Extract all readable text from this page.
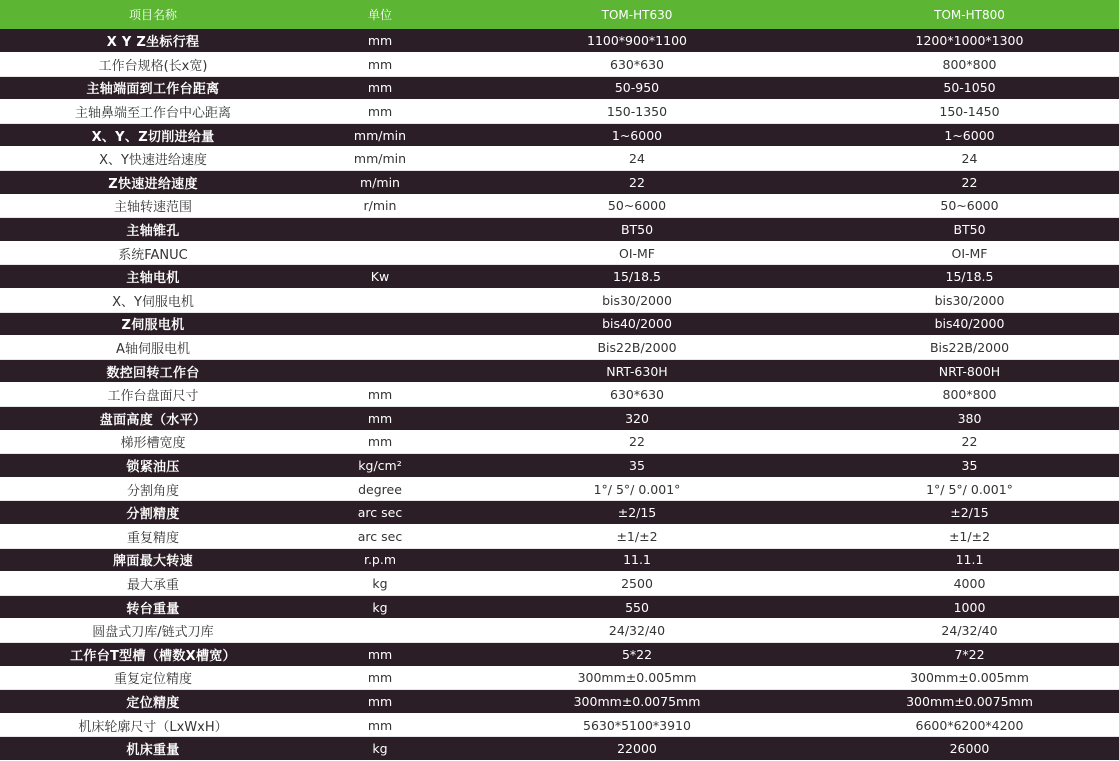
项目名称	单位	TOM-HT630	TOM-HT800
X Y Z坐标行程	mm	1100*900*1100	1200*1000*1300
工作台规格(长x宽)	mm	630*630	800*800
主轴端面到工作台距离	mm	50-950	50-1050
主轴鼻端至工作台中心距离	mm	150-1350	150-1450
X、Y、Z切削进给量	mm/min	1~6000	1~6000
X、Y快速进给速度	mm/min	24	24
Z快速进给速度	m/min	22	22
主轴转速范围	r/min	50~6000	50~6000
主轴锥孔		BT50	BT50
系统FANUC		OI-MF	OI-MF
主轴电机	Kw	15/18.5	15/18.5
X、Y伺服电机		bis30/2000	bis30/2000
Z伺服电机		bis40/2000	bis40/2000
A轴伺服电机		Bis22B/2000	Bis22B/2000
数控回转工作台		NRT-630H	NRT-800H
工作台盘面尺寸	mm	630*630	800*800
盘面高度（水平）	mm	320	380
梯形槽宽度	mm	22	22
锁紧油压	kg/cm²	35	35
分割角度	degree	1°/ 5°/ 0.001°	1°/ 5°/ 0.001°
分割精度	arc sec	±2/15	±2/15
重复精度	arc sec	±1/±2	±1/±2
牌面最大转速	r.p.m	11.1	11.1
最大承重	kg	2500	4000
转台重量	kg	550	1000
圆盘式刀库/链式刀库		24/32/40	24/32/40
工作台T型槽（槽数X槽宽）	mm	5*22	7*22
重复定位精度	mm	300mm±0.005mm	300mm±0.005mm
定位精度	mm	300mm±0.0075mm	300mm±0.0075mm
机床轮廓尺寸（LxWxH）	mm	5630*5100*3910	6600*6200*4200
机床重量	kg	22000	26000
